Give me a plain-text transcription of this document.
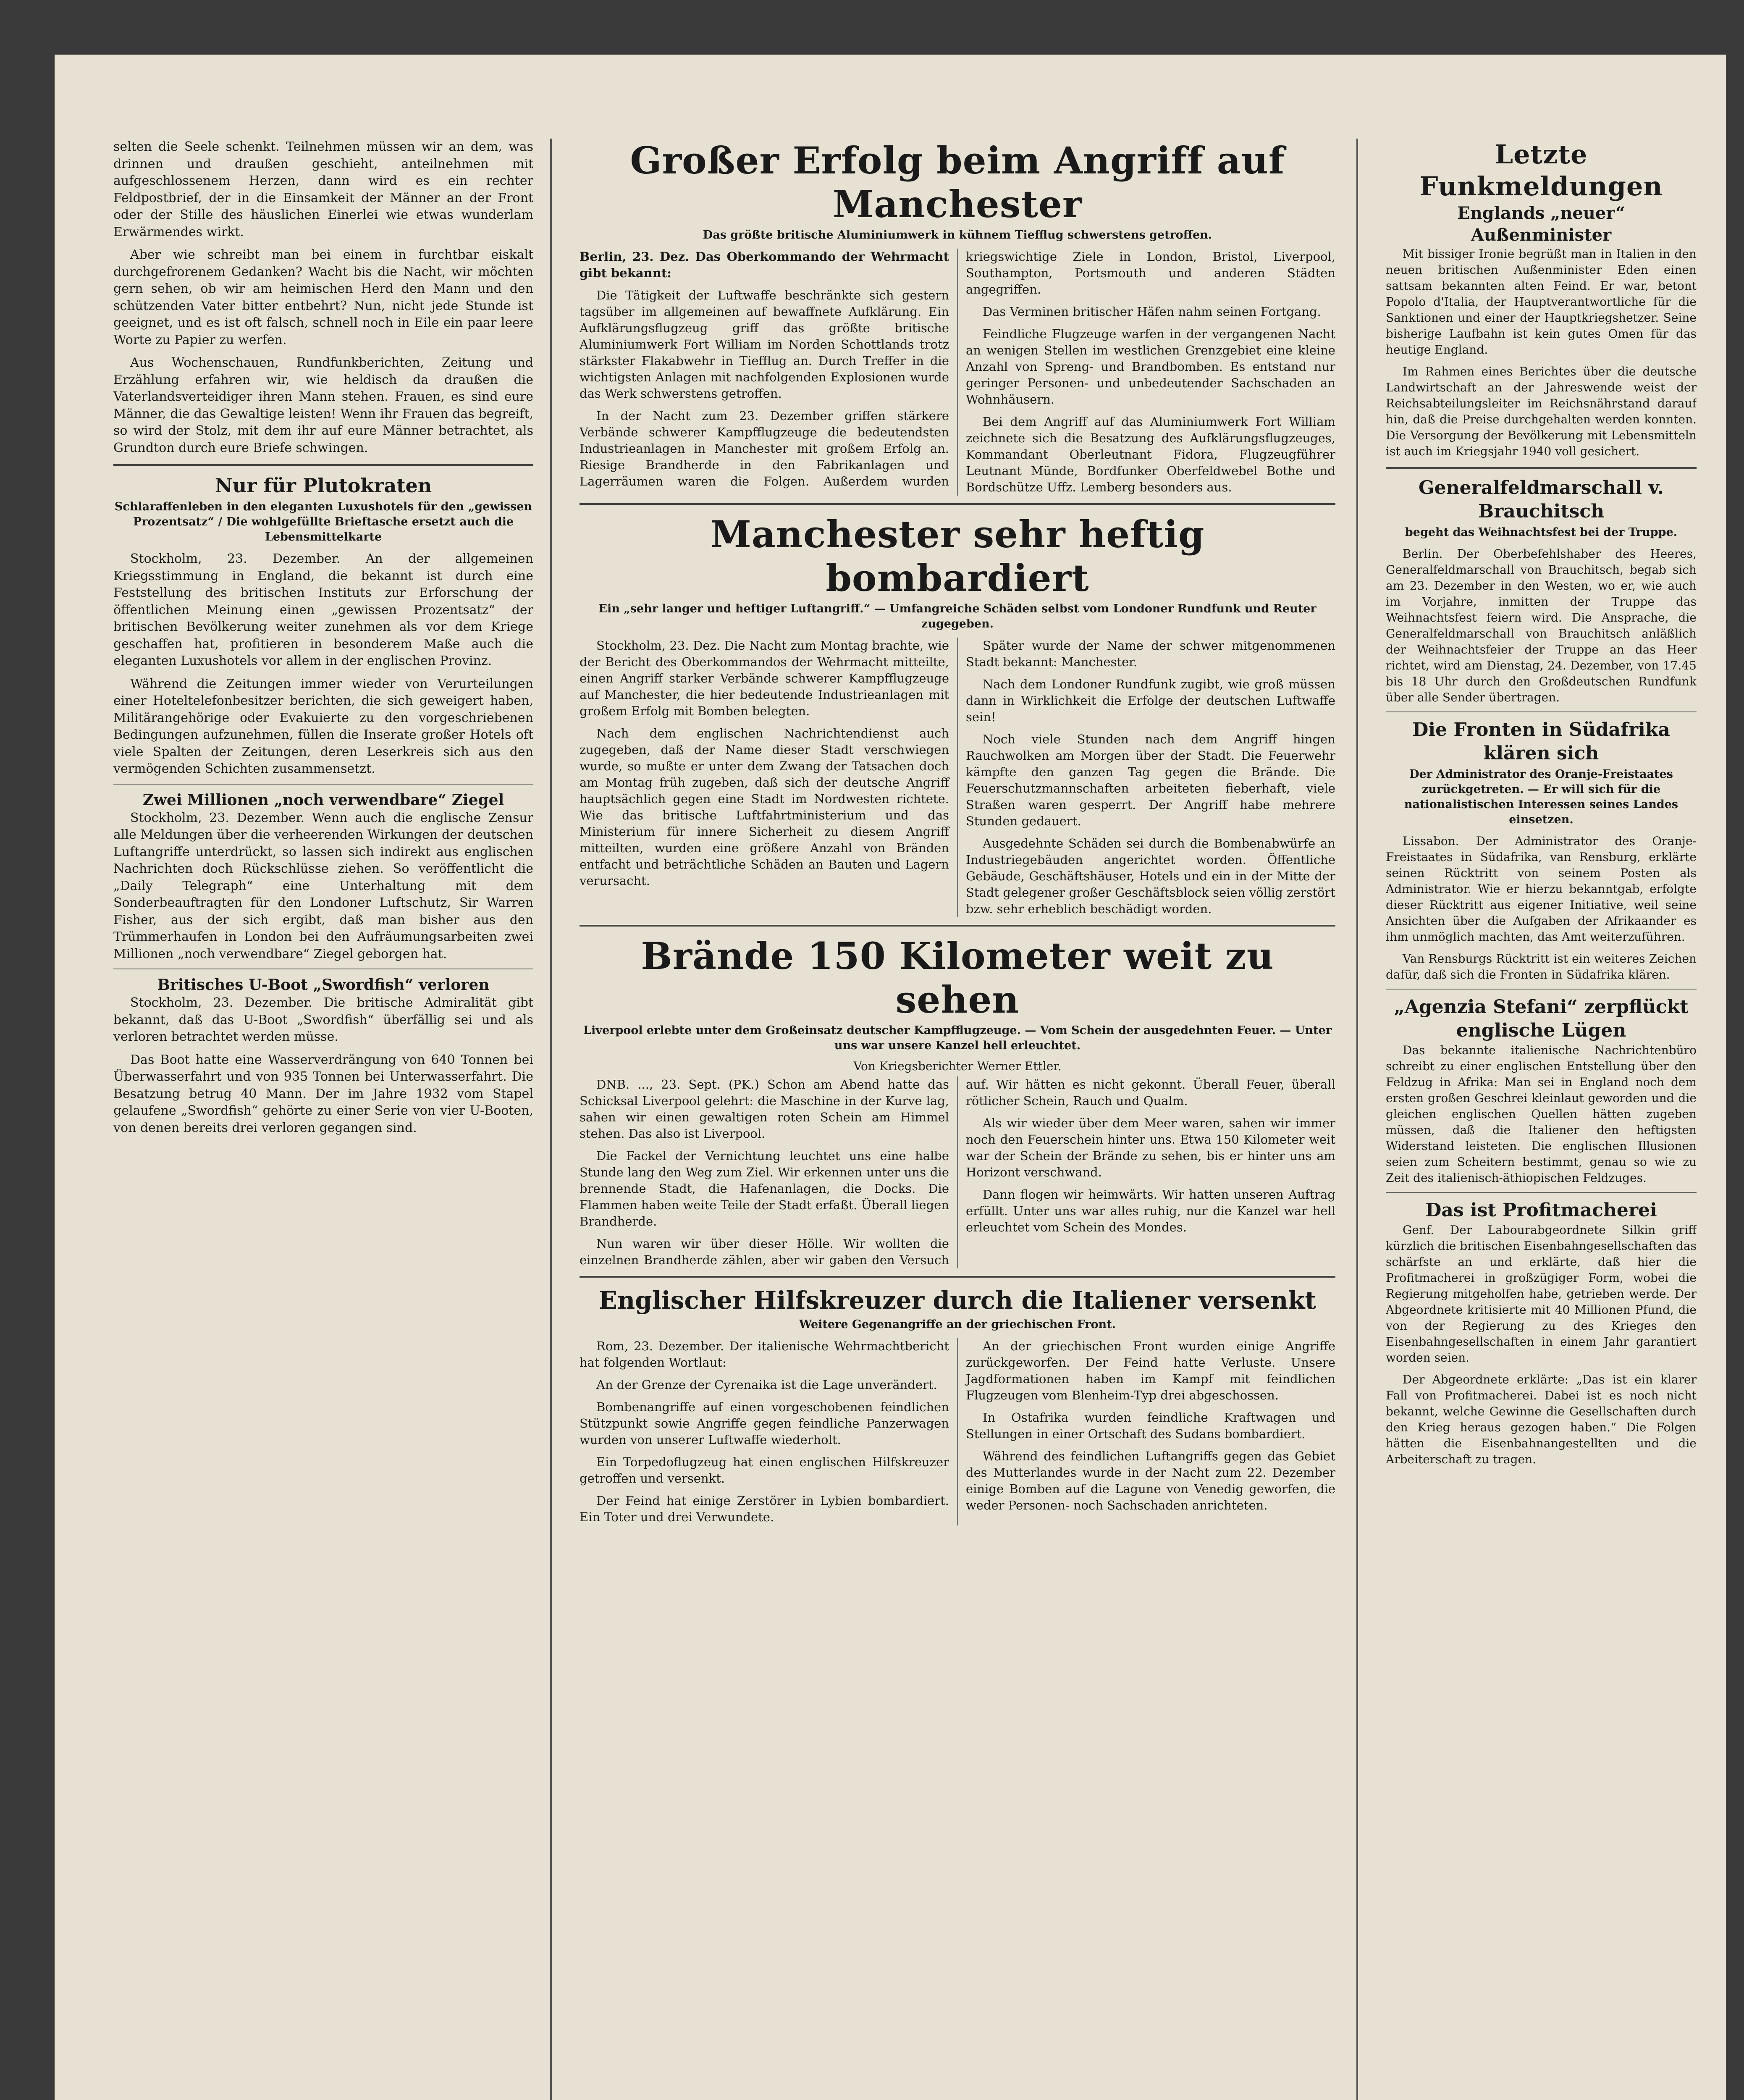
selten die Seele schenkt. Teilnehmen müssen wir an dem, was drinnen und draußen geschieht, anteilnehmen mit aufgeschlossenem Herzen, dann wird es ein rechter Feldpostbrief, der in die Einsamkeit der Männer an der Front oder der Stille des häuslichen Einerlei wie etwas wunderlam Erwärmendes wirkt.

Aber wie schreibt man bei einem in furchtbar eiskalt durchgefrorenem Gedanken? Wacht bis die Nacht, wir möchten gern sehen, ob wir am heimischen Herd den Mann und den schützenden Vater bitter entbehrt? Nun, nicht jede Stunde ist geeignet, und es ist oft falsch, schnell noch in Eile ein paar leere Worte zu Papier zu werfen.

Aus Wochenschauen, Rundfunkberichten, Zeitung und Erzählung erfahren wir, wie heldisch da draußen die Vaterlandsverteidiger ihren Mann stehen. Frauen, es sind eure Männer, die das Gewaltige leisten! Wenn ihr Frauen das begreift, so wird der Stolz, mit dem ihr auf eure Männer betrachtet, als Grundton durch eure Briefe schwingen.

Nur für Plutokraten
Schlaraffenleben in den eleganten Luxushotels für den „gewissen Prozentsatz“ / Die wohlgefüllte Brieftasche ersetzt auch die Lebensmittelkarte

Stockholm, 23. Dezember. An der allgemeinen Kriegsstimmung in England, die bekannt ist durch eine Feststellung des britischen Instituts zur Erforschung der öffentlichen Meinung einen „gewissen Prozentsatz“ der britischen Bevölkerung weiter zunehmen als vor dem Kriege geschaffen hat, profitieren in besonderem Maße auch die eleganten Luxushotels vor allem in der englischen Provinz.

Während die Zeitungen immer wieder von Verurteilungen einer Hoteltelefonbesitzer berichten, die sich geweigert haben, Militärangehörige oder Evakuierte zu den vorgeschriebenen Bedingungen aufzunehmen, füllen die Inserate großer Hotels oft viele Spalten der Zeitungen, deren Leserkreis sich aus den vermögenden Schichten zusammensetzt.

Zwei Millionen „noch verwendbare“ Ziegel

Stockholm, 23. Dezember. Wenn auch die englische Zensur alle Meldungen über die verheerenden Wirkungen der deutschen Luftangriffe unterdrückt, so lassen sich indirekt aus englischen Nachrichten doch Rückschlüsse ziehen. So veröffentlicht die „Daily Telegraph“ eine Unterhaltung mit dem Sonderbeauftragten für den Londoner Luftschutz, Sir Warren Fisher, aus der sich ergibt, daß man bisher aus den Trümmerhaufen in London bei den Aufräumungsarbeiten zwei Millionen „noch verwendbare“ Ziegel geborgen hat.

Britisches U-Boot „Swordfish“ verloren

Stockholm, 23. Dezember. Die britische Admiralität gibt bekannt, daß das U-Boot „Swordfish“ überfällig sei und als verloren betrachtet werden müsse.

Das Boot hatte eine Wasserverdrängung von 640 Tonnen bei Überwasserfahrt und von 935 Tonnen bei Unterwasserfahrt. Die Besatzung betrug 40 Mann. Der im Jahre 1932 vom Stapel gelaufene „Swordfish“ gehörte zu einer Serie von vier U-Booten, von denen bereits drei verloren gegangen sind.

Großer Erfolg beim Angriff auf Manchester
Das größte britische Aluminiumwerk in kühnem Tiefflug schwerstens getroffen.

Berlin, 23. Dez. Das Oberkommando der Wehrmacht gibt bekannt:

Die Tätigkeit der Luftwaffe beschränkte sich gestern tagsüber im allgemeinen auf bewaffnete Aufklärung. Ein Aufklärungsflugzeug griff das größte britische Aluminiumwerk Fort William im Norden Schottlands trotz stärkster Flakabwehr in Tiefflug an. Durch Treffer in die wichtigsten Anlagen mit nachfolgenden Explosionen wurde das Werk schwerstens getroffen.

In der Nacht zum 23. Dezember griffen stärkere Verbände schwerer Kampfflugzeuge die bedeutendsten Industrieanlagen in Manchester mit großem Erfolg an. Riesige Brandherde in den Fabrikanlagen und Lagerräumen waren die Folgen. Außerdem wurden kriegswichtige Ziele in London, Bristol, Liverpool, Southampton, Portsmouth und anderen Städten angegriffen.

Das Verminen britischer Häfen nahm seinen Fortgang.

Feindliche Flugzeuge warfen in der vergangenen Nacht an wenigen Stellen im westlichen Grenzgebiet eine kleine Anzahl von Spreng- und Brandbomben. Es entstand nur geringer Personen- und unbedeutender Sachschaden an Wohnhäusern.

Bei dem Angriff auf das Aluminiumwerk Fort William zeichnete sich die Besatzung des Aufklärungsflugzeuges, Kommandant Oberleutnant Fidora, Flugzeugführer Leutnant Münde, Bordfunker Oberfeldwebel Bothe und Bordschütze Uffz. Lemberg besonders aus.

Manchester sehr heftig bombardiert
Ein „sehr langer und heftiger Luftangriff.“ — Umfangreiche Schäden selbst vom Londoner Rundfunk und Reuter zugegeben.

Stockholm, 23. Dez. Die Nacht zum Montag brachte, wie der Bericht des Oberkommandos der Wehrmacht mitteilte, einen Angriff starker Verbände schwerer Kampfflugzeuge auf Manchester, die hier bedeutende Industrieanlagen mit großem Erfolg mit Bomben belegten.

Nach dem englischen Nachrichtendienst auch zugegeben, daß der Name dieser Stadt verschwiegen wurde, so mußte er unter dem Zwang der Tatsachen doch am Montag früh zugeben, daß sich der deutsche Angriff hauptsächlich gegen eine Stadt im Nordwesten richtete. Wie das britische Luftfahrtministerium und das Ministerium für innere Sicherheit zu diesem Angriff mitteilten, wurden eine größere Anzahl von Bränden entfacht und beträchtliche Schäden an Bauten und Lagern verursacht.

Später wurde der Name der schwer mitgenommenen Stadt bekannt: Manchester.

Nach dem Londoner Rundfunk zugibt, wie groß müssen dann in Wirklichkeit die Erfolge der deutschen Luftwaffe sein!

Noch viele Stunden nach dem Angriff hingen Rauchwolken am Morgen über der Stadt. Die Feuerwehr kämpfte den ganzen Tag gegen die Brände. Die Feuerschutzmannschaften arbeiteten fieberhaft, viele Straßen waren gesperrt. Der Angriff habe mehrere Stunden gedauert.

Ausgedehnte Schäden sei durch die Bombenabwürfe an Industriegebäuden angerichtet worden. Öffentliche Gebäude, Geschäftshäuser, Hotels und ein in der Mitte der Stadt gelegener großer Geschäftsblock seien völlig zerstört bzw. sehr erheblich beschädigt worden.

Brände 150 Kilometer weit zu sehen
Liverpool erlebte unter dem Großeinsatz deutscher Kampfflugzeuge. — Vom Schein der ausgedehnten Feuer. — Unter uns war unsere Kanzel hell erleuchtet.
Von Kriegsberichter Werner Ettler.

DNB. ..., 23. Sept. (PK.) Schon am Abend hatte das Schicksal Liverpool gelehrt: die Maschine in der Kurve lag, sahen wir einen gewaltigen roten Schein am Himmel stehen. Das also ist Liverpool.

Die Fackel der Vernichtung leuchtet uns eine halbe Stunde lang den Weg zum Ziel. Wir erkennen unter uns die brennende Stadt, die Hafenanlagen, die Docks. Die Flammen haben weite Teile der Stadt erfaßt. Überall liegen Brandherde.

Nun waren wir über dieser Hölle. Wir wollten die einzelnen Brandherde zählen, aber wir gaben den Versuch auf. Wir hätten es nicht gekonnt. Überall Feuer, überall rötlicher Schein, Rauch und Qualm.

Als wir wieder über dem Meer waren, sahen wir immer noch den Feuerschein hinter uns. Etwa 150 Kilometer weit war der Schein der Brände zu sehen, bis er hinter uns am Horizont verschwand.

Dann flogen wir heimwärts. Wir hatten unseren Auftrag erfüllt. Unter uns war alles ruhig, nur die Kanzel war hell erleuchtet vom Schein des Mondes.

Englischer Hilfskreuzer durch die Italiener versenkt
Weitere Gegenangriffe an der griechischen Front.

Rom, 23. Dezember. Der italienische Wehrmachtbericht hat folgenden Wortlaut:

An der Grenze der Cyrenaika ist die Lage unverändert.

Bombenangriffe auf einen vorgeschobenen feindlichen Stützpunkt sowie Angriffe gegen feindliche Panzerwagen wurden von unserer Luftwaffe wiederholt.

Ein Torpedoflugzeug hat einen englischen Hilfskreuzer getroffen und versenkt.

Der Feind hat einige Zerstörer in Lybien bombardiert. Ein Toter und drei Verwundete.

An der griechischen Front wurden einige Angriffe zurückgeworfen. Der Feind hatte Verluste. Unsere Jagdformationen haben im Kampf mit feindlichen Flugzeugen vom Blenheim-Typ drei abgeschossen.

In Ostafrika wurden feindliche Kraftwagen und Stellungen in einer Ortschaft des Sudans bombardiert.

Während des feindlichen Luftangriffs gegen das Gebiet des Mutterlandes wurde in der Nacht zum 22. Dezember einige Bomben auf die Lagune von Venedig geworfen, die weder Personen- noch Sachschaden anrichteten.

Letzte Funkmeldungen
Englands „neuer“ Außenminister

Mit bissiger Ironie begrüßt man in Italien in den neuen britischen Außenminister Eden einen sattsam bekannten alten Feind. Er war, betont Popolo d'Italia, der Hauptverantwortliche für die Sanktionen und einer der Hauptkriegshetzer. Seine bisherige Laufbahn ist kein gutes Omen für das heutige England.

Im Rahmen eines Berichtes über die deutsche Landwirtschaft an der Jahreswende weist der Reichsabteilungsleiter im Reichsnährstand darauf hin, daß die Preise durchgehalten werden konnten. Die Versorgung der Bevölkerung mit Lebensmitteln ist auch im Kriegsjahr 1940 voll gesichert.

Generalfeldmarschall v. Brauchitsch
begeht das Weihnachtsfest bei der Truppe.

Berlin. Der Oberbefehlshaber des Heeres, Generalfeldmarschall von Brauchitsch, begab sich am 23. Dezember in den Westen, wo er, wie auch im Vorjahre, inmitten der Truppe das Weihnachtsfest feiern wird. Die Ansprache, die Generalfeldmarschall von Brauchitsch anläßlich der Weihnachtsfeier der Truppe an das Heer richtet, wird am Dienstag, 24. Dezember, von 17.45 bis 18 Uhr durch den Großdeutschen Rundfunk über alle Sender übertragen.

Die Fronten in Südafrika klären sich
Der Administrator des Oranje-Freistaates zurückgetreten. — Er will sich für die nationalistischen Interessen seines Landes einsetzen.

Lissabon. Der Administrator des Oranje-Freistaates in Südafrika, van Rensburg, erklärte seinen Rücktritt von seinem Posten als Administrator. Wie er hierzu bekanntgab, erfolgte dieser Rücktritt aus eigener Initiative, weil seine Ansichten über die Aufgaben der Afrikaander es ihm unmöglich machten, das Amt weiterzuführen.

Van Rensburgs Rücktritt ist ein weiteres Zeichen dafür, daß sich die Fronten in Südafrika klären.

„Agenzia Stefani“ zerpflückt englische Lügen

Das bekannte italienische Nachrichtenbüro schreibt zu einer englischen Entstellung über den Feldzug in Afrika: Man sei in England noch dem ersten großen Geschrei kleinlaut geworden und die gleichen englischen Quellen hätten zugeben müssen, daß die Italiener den heftigsten Widerstand leisteten. Die englischen Illusionen seien zum Scheitern bestimmt, genau so wie zu Zeit des italienisch-äthiopischen Feldzuges.

Das ist Profitmacherei

Genf. Der Labourabgeordnete Silkin griff kürzlich die britischen Eisenbahngesellschaften das schärfste an und erklärte, daß hier die Profitmacherei in großzügiger Form, wobei die Regierung mitgeholfen habe, getrieben werde. Der Abgeordnete kritisierte mit 40 Millionen Pfund, die von der Regierung zu des Krieges den Eisenbahngesellschaften in einem Jahr garantiert worden seien.

Der Abgeordnete erklärte: „Das ist ein klarer Fall von Profitmacherei. Dabei ist es noch nicht bekannt, welche Gewinne die Gesellschaften durch den Krieg heraus gezogen haben.“ Die Folgen hätten die Eisenbahnangestellten und die Arbeiterschaft zu tragen.
